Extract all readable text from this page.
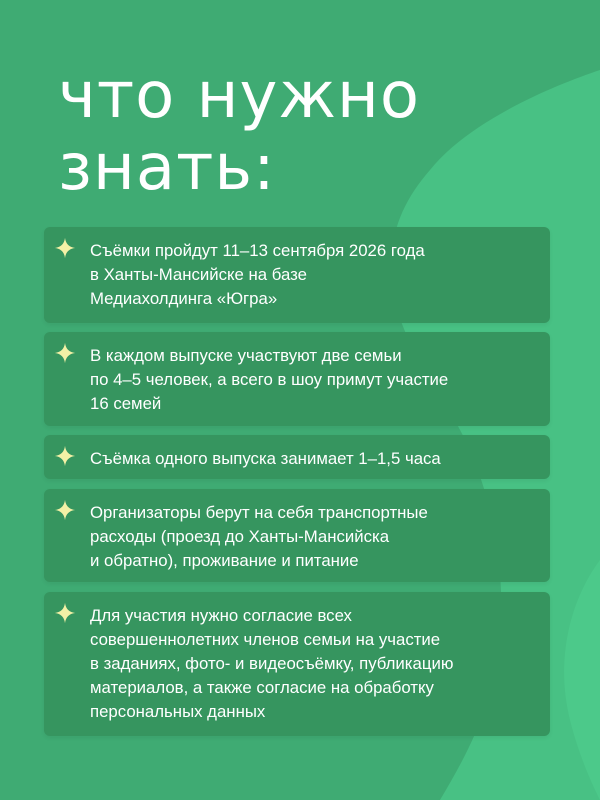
что нужно
знать:

Съёмки пройдут 11–13 сентября 2026 года
в Ханты-Мансийске на базе
Медиахолдинга «Югра»

В каждом выпуске участвуют две семьи
по 4–5 человек, а всего в шоу примут участие
16 семей

Съёмка одного выпуска занимает 1–1,5 часа

Организаторы берут на себя транспортные
расходы (проезд до Ханты-Мансийска
и обратно), проживание и питание

Для участия нужно согласие всех
совершеннолетних членов семьи на участие
в заданиях, фото- и видеосъёмку, публикацию
материалов, а также согласие на обработку
персональных данных
